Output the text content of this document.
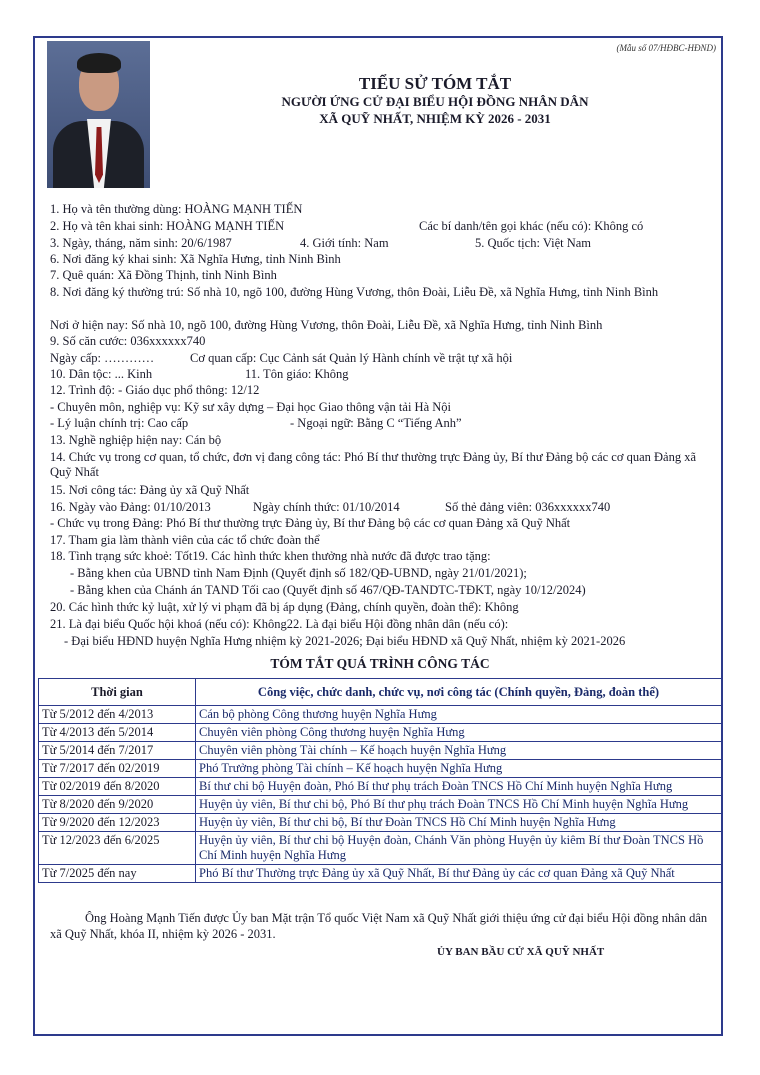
(Mẫu số 07/HĐBC-HĐND)
TIỂU SỬ TÓM TẮT
NGƯỜI ỨNG CỬ ĐẠI BIỂU HỘI ĐỒNG NHÂN DÂN
XÃ QUỸ NHẤT, NHIỆM KỲ 2026 - 2031
1. Họ và tên thường dùng: HOÀNG MẠNH TIẾN
2. Họ và tên khai sinh: HOÀNG MẠNH TIẾN	Các bí danh/tên gọi khác (nếu có): Không có
3. Ngày, tháng, năm sinh: 20/6/1987	4. Giới tính: Nam	5. Quốc tịch: Việt Nam
6. Nơi đăng ký khai sinh: Xã Nghĩa Hưng, tỉnh Ninh Bình
7. Quê quán: Xã Đồng Thịnh, tỉnh Ninh Bình
8. Nơi đăng ký thường trú: Số nhà 10, ngõ 100, đường Hùng Vương, thôn Đoài, Liễu Đề, xã Nghĩa Hưng, tỉnh Ninh Bình
Nơi ở hiện nay: Số nhà 10, ngõ 100, đường Hùng Vương, thôn Đoài, Liễu Đề, xã Nghĩa Hưng, tỉnh Ninh Bình
9. Số căn cước: 036xxxxxx740
Ngày cấp: …………	Cơ quan cấp: Cục Cảnh sát Quản lý Hành chính về trật tự xã hội
10. Dân tộc: ... Kinh	11. Tôn giáo: Không
12. Trình độ: - Giáo dục phổ thông: 12/12
- Chuyên môn, nghiệp vụ: Kỹ sư xây dựng – Đại học Giao thông vận tải Hà Nội
- Lý luận chính trị: Cao cấp	- Ngoại ngữ: Bằng C “Tiếng Anh”
13. Nghề nghiệp hiện nay: Cán bộ
14. Chức vụ trong cơ quan, tổ chức, đơn vị đang công tác: Phó Bí thư thường trực Đảng ủy, Bí thư Đảng bộ các cơ quan Đảng xã Quỹ Nhất
15. Nơi công tác: Đảng ủy xã Quỹ Nhất
16. Ngày vào Đảng: 01/10/2013	Ngày chính thức: 01/10/2014	Số thẻ đảng viên: 036xxxxxx740
- Chức vụ trong Đảng: Phó Bí thư thường trực Đảng ủy, Bí thư Đảng bộ các cơ quan Đảng xã Quỹ Nhất
17. Tham gia làm thành viên của các tổ chức đoàn thể
18. Tình trạng sức khoẻ: Tốt19. Các hình thức khen thưởng nhà nước đã được trao tặng:
- Bằng khen của UBND tỉnh Nam Định (Quyết định số 182/QĐ-UBND, ngày 21/01/2021);
- Bằng khen của Chánh án TAND Tối cao (Quyết định số 467/QĐ-TANDTC-TĐKT, ngày 10/12/2024)
20. Các hình thức kỷ luật, xử lý vi phạm đã bị áp dụng (Đảng, chính quyền, đoàn thể): Không
21. Là đại biểu Quốc hội khoá (nếu có): Không22. Là đại biểu Hội đồng nhân dân (nếu có):
- Đại biểu HĐND huyện Nghĩa Hưng nhiệm kỳ 2021-2026; Đại biểu HĐND xã Quỹ Nhất, nhiệm kỳ 2021-2026
TÓM TẮT QUÁ TRÌNH CÔNG TÁC
Thời gian	Công việc, chức danh, chức vụ, nơi công tác (Chính quyền, Đảng, đoàn thể)
Từ 5/2012 đến 4/2013	Cán bộ phòng Công thương huyện Nghĩa Hưng
Từ 4/2013 đến 5/2014	Chuyên viên phòng Công thương huyện Nghĩa Hưng
Từ 5/2014 đến 7/2017	Chuyên viên phòng Tài chính – Kế hoạch huyện Nghĩa Hưng
Từ 7/2017 đến 02/2019	Phó Trưởng phòng Tài chính – Kế hoạch huyện Nghĩa Hưng
Từ 02/2019 đến 8/2020	Bí thư chi bộ Huyện đoàn, Phó Bí thư phụ trách Đoàn TNCS Hồ Chí Minh huyện Nghĩa Hưng
Từ 8/2020 đến 9/2020	Huyện ủy viên, Bí thư chi bộ, Phó Bí thư phụ trách Đoàn TNCS Hồ Chí Minh huyện Nghĩa Hưng
Từ 9/2020 đến 12/2023	Huyện ủy viên, Bí thư chi bộ, Bí thư Đoàn TNCS Hồ Chí Minh huyện Nghĩa Hưng
Từ 12/2023 đến 6/2025	Huyện ủy viên, Bí thư chi bộ Huyện đoàn, Chánh Văn phòng Huyện ủy kiêm Bí thư Đoàn TNCS Hồ Chí Minh huyện Nghĩa Hưng
Từ 7/2025 đến nay	Phó Bí thư Thường trực Đảng ủy xã Quỹ Nhất, Bí thư Đảng ủy các cơ quan Đảng xã Quỹ Nhất
Ông Hoàng Mạnh Tiến được Ủy ban Mặt trận Tổ quốc Việt Nam xã Quỹ Nhất giới thiệu ứng cử đại biểu Hội đồng nhân dân xã Quỹ Nhất, khóa II, nhiệm kỳ 2026 - 2031.
ỦY BAN BẦU CỬ XÃ QUỸ NHẤT
